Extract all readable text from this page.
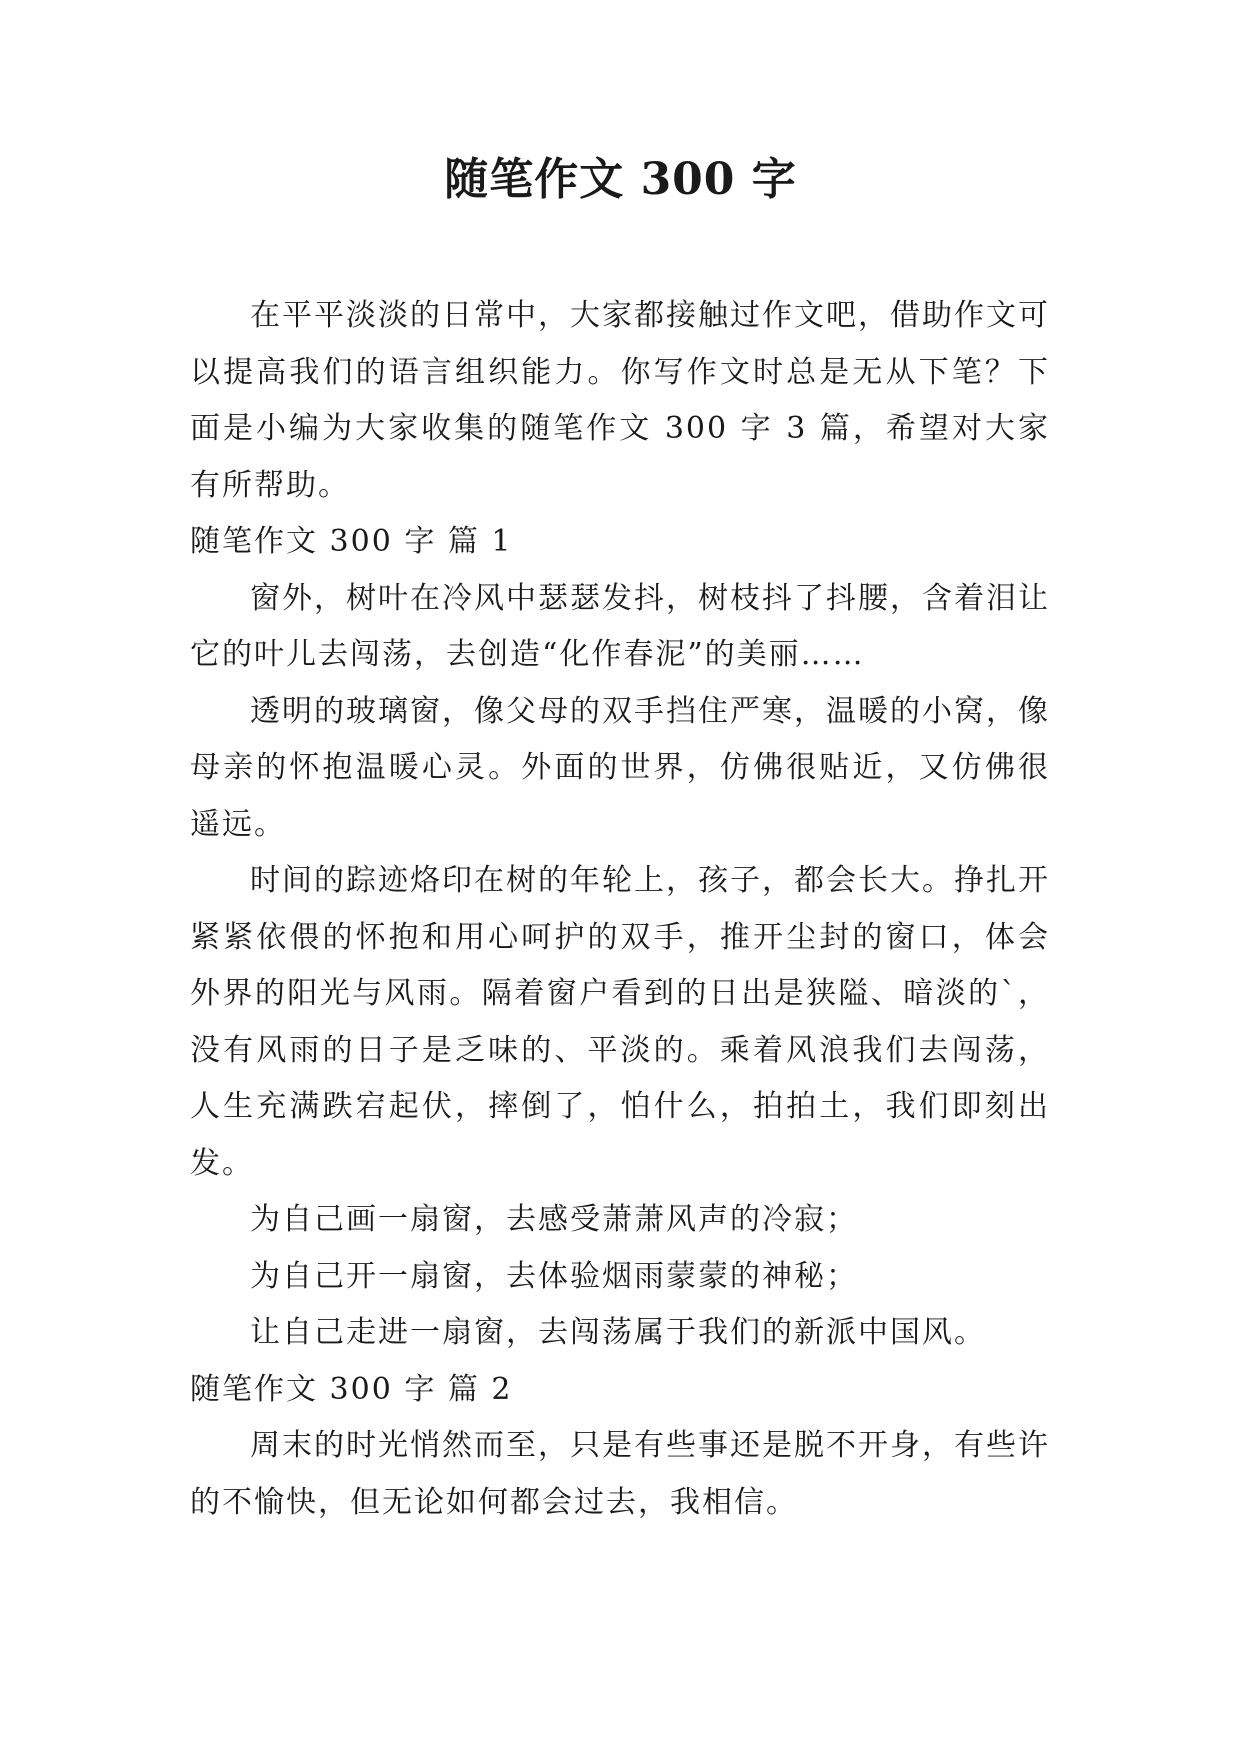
随笔作文 300 字

在平平淡淡的日常中，大家都接触过作文吧，借助作文可以提高我们的语言组织能力。你写作文时总是无从下笔？下面是小编为大家收集的随笔作文 300 字 3 篇，希望对大家有所帮助。

随笔作文 300 字 篇 1

窗外，树叶在冷风中瑟瑟发抖，树枝抖了抖腰，含着泪让它的叶儿去闯荡，去创造“化作春泥”的美丽……

透明的玻璃窗，像父母的双手挡住严寒，温暖的小窝，像母亲的怀抱温暖心灵。外面的世界，仿佛很贴近，又仿佛很遥远。

时间的踪迹烙印在树的年轮上，孩子，都会长大。挣扎开紧紧依偎的怀抱和用心呵护的双手，推开尘封的窗口，体会外界的阳光与风雨。隔着窗户看到的日出是狭隘、暗淡的`，没有风雨的日子是乏味的、平淡的。乘着风浪我们去闯荡，人生充满跌宕起伏，摔倒了，怕什么，拍拍土，我们即刻出发。

为自己画一扇窗，去感受萧萧风声的冷寂；

为自己开一扇窗，去体验烟雨蒙蒙的神秘；

让自己走进一扇窗，去闯荡属于我们的新派中国风。

随笔作文 300 字 篇 2

周末的时光悄然而至，只是有些事还是脱不开身，有些许的不愉快，但无论如何都会过去，我相信。
